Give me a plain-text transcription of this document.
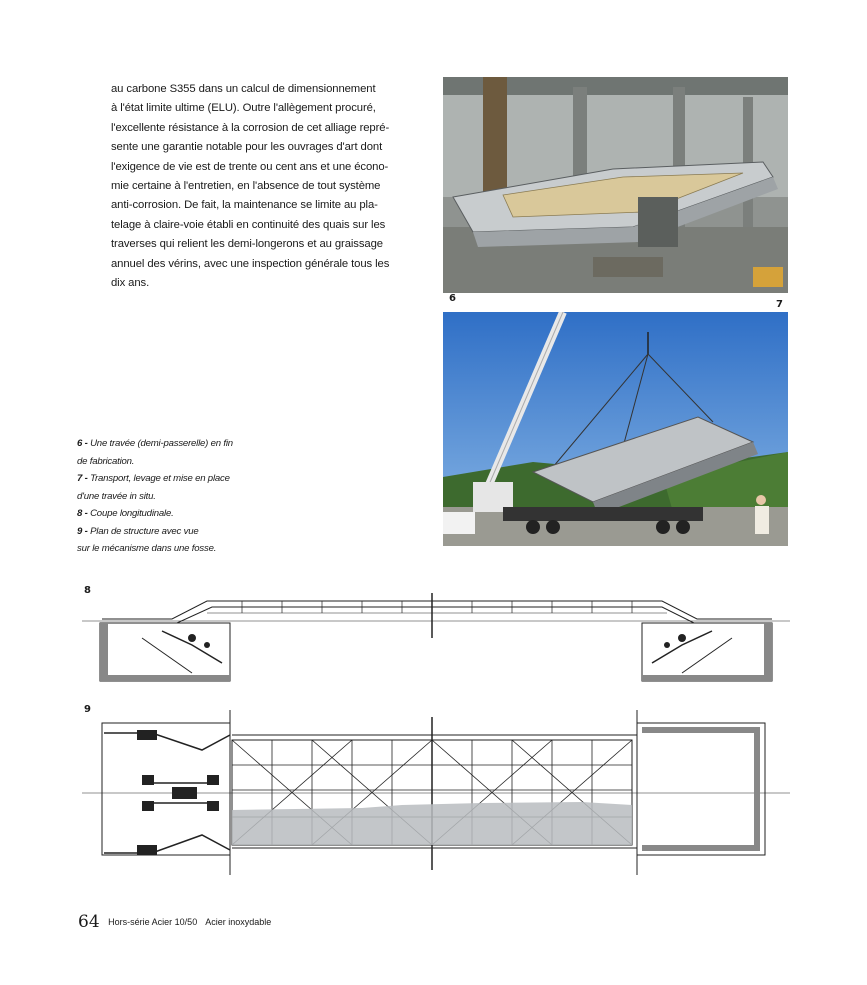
au carbone S355 dans un calcul de dimensionnement
à l'état limite ultime (ELU). Outre l'allègement procuré,
l'excellente résistance à la corrosion de cet alliage repré-
sente une garantie notable pour les ouvrages d'art dont
l'exigence de vie est de trente ou cent ans et une écono-
mie certaine à l'entretien, en l'absence de tout système
anti-corrosion. De fait, la maintenance se limite au pla-
telage à claire-voie établi en continuité des quais sur les
traverses qui relient les demi-longerons et au graissage
annuel des vérins, avec une inspection générale tous les
dix ans.
6
7
6 - Une travée (demi-passerelle) en fin
de fabrication.
7 - Transport, levage et mise en place
d'une travée in situ.
8 - Coupe longitudinale.
9 - Plan de structure avec vue
sur le mécanisme dans une fosse.
8
9
64 Hors-série Acier 10/50 Acier inoxydable
